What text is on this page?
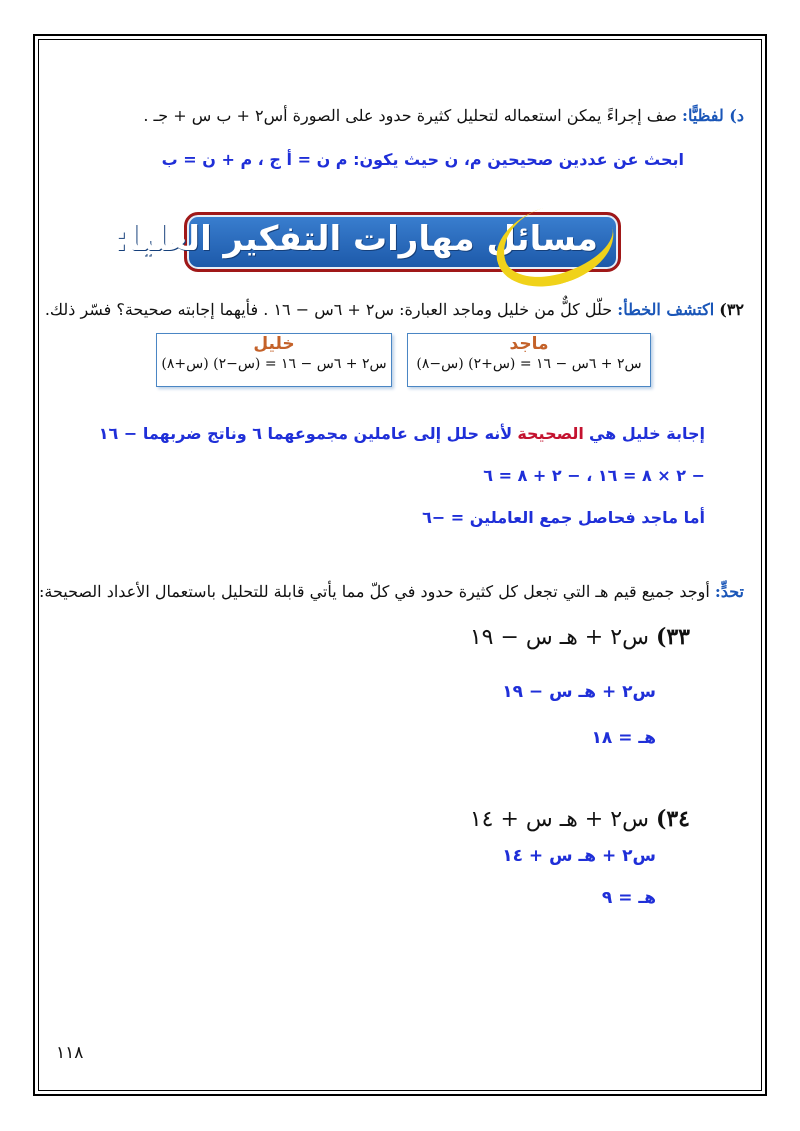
د) لفظيًّا: صف إجراءً يمكن استعماله لتحليل كثيرة حدود على الصورة أس٢ + ب س + جـ .
ابحث عن عددين صحيحين م، ن حيث يكون: م ن = أ ج ، م + ن = ب
مسائل مهارات التفكير العليا:
٣٢) اكتشف الخطأ: حلّل كلٌّ من خليل وماجد العبارة: س٢ + ٦س − ١٦ . فأيهما إجابته صحيحة؟ فسّر ذلك.
ماجد
س٢ + ٦س − ١٦ = (س+٢) (س−٨)
خليل
س٢ + ٦س − ١٦ = (س−٢) (س+٨)
إجابة خليل هي الصحيحة لأنه حلل إلى عاملين مجموعهما ٦ وناتج ضربهما − ١٦
− ٢ × ٨ = ١٦ ، − ٢ + ٨ = ٦
أما ماجد فحاصل جمع العاملين = −٦
تحدٍّ: أوجد جميع قيم هـ التي تجعل كل كثيرة حدود في كلّ مما يأتي قابلة للتحليل باستعمال الأعداد الصحيحة:
٣٣) س٢ + هـ س − ١٩
س٢ + هـ س − ١٩
هـ = ١٨
٣٤) س٢ + هـ س + ١٤
س٢ + هـ س + ١٤
هـ = ٩
١١٨
